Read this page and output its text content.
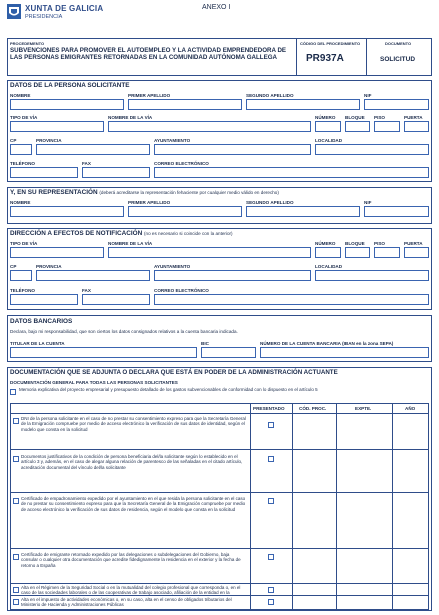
XUNTA DE GALICIA
PRESIDENCIA
ANEXO I
PROCEDEMENTO
SUBVENCIONES PARA PROMOVER EL AUTOEMPLEO Y LA ACTIVIDAD EMPRENDEDORA DE LAS PERSONAS EMIGRANTES RETORNADAS EN LA COMUNIDAD AUTÓNOMA GALLEGA
CÓDIGO DEL PROCEDIMIENTO
PR937A
DOCUMENTO
SOLICITUD
DATOS DE LA PERSONA SOLICITANTE
NOMBRE	PRIMER APELLIDO	SEGUNDO APELLIDO	NIF
TIPO DE VÍA	NOMBRE DE LA VÍA	NÚMERO BLOQUE PISO	PUERTA
CP	PROVINCIA	AYUNTAMIENTO	LOCALIDAD
TELÉFONO	FAX	CORREO ELECTRÓNICO
Y, EN SU REPRESENTACIÓN (deberá acreditarse la representación fehaciente por cualquier medio válido en derecho)
NOMBRE	PRIMER APELLIDO	SEGUNDO APELLIDO	NIF
DIRECCIÓN A EFECTOS DE NOTIFICACIÓN (no es necesario si coincide con la anterior)
TIPO DE VÍA	NOMBRE DE LA VÍA	NÚMERO BLOQUE PISO	PUERTA
CP	PROVINCIA	AYUNTAMIENTO	LOCALIDAD
TELÉFONO	FAX	CORREO ELECTRÓNICO
DATOS BANCARIOS
Declara, bajo mi responsabilidad, que son ciertos los datos consignados relativos a la cuenta bancaria indicada.
TITULAR DE LA CUENTA	BIC	NÚMERO DE LA CUENTA BANCARIA (IBAN en la zona SEPA)
DOCUMENTACIÓN QUE SE ADJUNTA O DECLARA QUE ESTÁ EN PODER DE LA ADMINISTRACIÓN ACTUANTE
DOCUMENTACIÓN GENERAL PARA TODAS LAS PERSONAS SOLICITANTES
Memoria explicativa del proyecto empresarial y presupuesto detallado de los gastos subvencionables de conformidad con lo dispuesto en el artículo 5
PRESENTADO	CÓD. PROC.	EXPTE.	AÑO
DNI de la persona solicitante en el caso de no prestar su consentimiento expreso para que la Secretaría General de la Emigración compruebe por medio de acceso electrónico la verificación de sus datos de identidad, según el modelo que consta en la solicitud
Documentos justificativos de la condición de persona beneficiaria del/la solicitante según lo establecido en el artículo 3 y, además, en el caso de alegar alguna relación de parentesco de las señaladas en el citado artículo, acreditación documental del vínculo del/la solicitante
Certificado de empadronamiento expedido por el ayuntamiento en el que resida la persona solicitante en el caso de no prestar su consentimiento expreso para que la Secretaría General de la Emigración compruebe por medio de acceso electrónico la verificación de sus datos de residencia, según el modelo que consta en la solicitud
Certificado de emigrante retornado expedido por las delegaciones o subdelegaciones del Gobierno, baja consular o cualquier otra documentación que acredite fidedignamente la residencia en el exterior y la fecha de retorno a España
Alta en el Régimen de la Seguridad Social o en la mutualidad del colegio profesional que corresponda o, en el caso de las sociedades laborales o de las cooperativas de trabajo asociado, afiliación de la entidad en la
Alta en el impuesto de actividades económicas o, en su caso, alta en el censo de obligados tributarios del Ministerio de Hacienda y Administraciones Públicas
